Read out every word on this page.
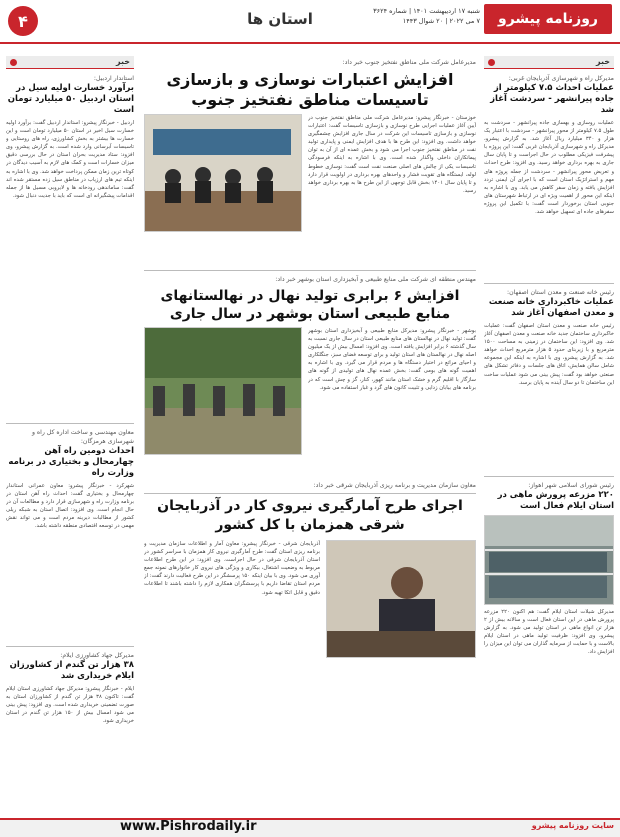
روزنامه پیشرو
شنبه ۱۷ اردیبهشت ۱۴۰۱ | شماره ۳۶۲۴
۷ می ۲۰۲۲ | ۲۰ شوال ۱۴۴۳
استان ها
۴
خبر
خبر
مدیرکل راه و شهرسازی آذربایجان غربی:
عملیات احداث ۷.۵ کیلومتر از جاده پیرانشهر - سردشت آغاز شد
عملیات روسازی و بهسازی جاده پیرانشهر - سردشت به طول ۷.۵ کیلومتر از محور پیرانشهر - سردشت با اعتبار یک هزار و ۳۴۰ میلیارد ریال آغاز شد. به گزارش پیشرو، مدیرکل راه و شهرسازی آذربایجان غربی گفت: این پروژه با پیشرفت فیزیکی مطلوب در حال اجراست و تا پایان سال جاری به بهره برداری خواهد رسید. وی افزود: طرح احداث و تعریض محور پیرانشهر - سردشت از جمله پروژه های مهم و استراتژیک استان است که با اجرای آن ایمنی تردد افزایش یافته و زمان سفر کاهش می یابد. وی با اشاره به اینکه این محور از اهمیت ویژه ای در ارتباط شهرستان های جنوبی استان برخوردار است گفت: با تکمیل این پروژه سفرهای جاده ای تسهیل خواهد شد.
رئیس خانه صنعت و معدن استان اصفهان:
عملیات خاکبرداری خانه صنعت و معدن اصفهان آغاز شد
رئیس خانه صنعت و معدن استان اصفهان گفت: عملیات خاکبرداری ساختمان جدید خانه صنعت و معدن اصفهان آغاز شد. وی افزود: این ساختمان در زمینی به مساحت ۱۵۰۰ مترمربع و با زیربنای حدود ۵ هزار مترمربع احداث خواهد شد. به گزارش پیشرو، وی با اشاره به اینکه این مجموعه شامل سالن همایش، اتاق های جلسات و دفاتر تشکل های صنعتی خواهد بود گفت: پیش بینی می شود عملیات ساخت این ساختمان تا دو سال آینده به پایان برسد.
رئیس شورای اسلامی شهر اهواز:
۲۲۰ مزرعه پرورش ماهی در استان ایلام فعال است
مدیرکل شیلات استان ایلام گفت: هم اکنون ۲۲۰ مزرعه پرورش ماهی در این استان فعال است و سالانه بیش از ۲ هزار تن انواع ماهی در استان تولید می شود. به گزارش پیشرو، وی افزود: ظرفیت تولید ماهی در استان ایلام بالاست و با حمایت از سرمایه گذاران می توان این میزان را افزایش داد.
مدیرعامل شرکت ملی مناطق نفتخیز جنوب خبر داد:
افزایش اعتبارات نوسازی و بازسازی تاسیسات مناطق نفتخیز جنوب
خوزستان - خبرنگار پیشرو: مدیرعامل شرکت ملی مناطق نفتخیز جنوب در آیین آغاز عملیات اجرایی طرح نوسازی و بازسازی تاسیسات گفت: اعتبارات نوسازی و بازسازی تاسیسات این شرکت در سال جاری افزایش چشمگیری خواهد داشت. وی افزود: این طرح ها با هدف افزایش ایمنی و پایداری تولید نفت در مناطق نفتخیز جنوب اجرا می شود و بخش عمده ای از آن به توان پیمانکاران داخلی واگذار شده است. وی با اشاره به اینکه فرسودگی تاسیسات یکی از چالش های اصلی صنعت نفت است گفت: نوسازی خطوط لوله، ایستگاه های تقویت فشار و واحدهای بهره برداری در اولویت قرار دارد و تا پایان سال ۱۴۰۱ بخش قابل توجهی از این طرح ها به بهره برداری خواهد رسید.
مهندس منطقه ای شرکت ملی منابع طبیعی و آبخیزداری استان بوشهر خبر داد:
افزایش ۶ برابری تولید نهال در نهالستانهای منابع طبیعی استان بوشهر در سال جاری
بوشهر - خبرنگار پیشرو: مدیرکل منابع طبیعی و آبخیزداری استان بوشهر گفت: تولید نهال در نهالستان های منابع طبیعی استان در سال جاری نسبت به سال گذشته ۶ برابر افزایش یافته است. وی افزود: امسال بیش از یک میلیون اصله نهال در نهالستان های استان تولید و برای توسعه فضای سبز، جنگلکاری و احیای مراتع در اختیار دستگاه ها و مردم قرار می گیرد. وی با اشاره به اهمیت گونه های بومی گفت: بخش عمده نهال های تولیدی از گونه های سازگار با اقلیم گرم و خشک استان مانند کهور، کنار، گز و چش است که در برنامه های بیابان زدایی و تثبیت کانون های گرد و غبار استفاده می شود.
معاون سازمان مدیریت و برنامه ریزی آذربایجان شرقی خبر داد:
اجرای طرح آمارگیری نیروی کار در آذربایجان شرقی همزمان با کل کشور
آذربایجان شرقی - خبرنگار پیشرو: معاون آمار و اطلاعات سازمان مدیریت و برنامه ریزی استان گفت: طرح آمارگیری نیروی کار همزمان با سراسر کشور در استان آذربایجان شرقی در حال اجراست. وی افزود: در این طرح اطلاعات مربوط به وضعیت اشتغال، بیکاری و ویژگی های نیروی کار خانوارهای نمونه جمع آوری می شود. وی با بیان اینکه ۱۵۰ پرسشگر در این طرح فعالیت دارند گفت: از مردم استان تقاضا داریم با پرسشگران همکاری لازم را داشته باشند تا اطلاعات دقیق و قابل اتکا تهیه شود.
استاندار اردبیل:
برآورد خسارت اولیه سیل در استان اردبیل ۵۰ میلیارد تومان است
اردبیل - خبرنگار پیشرو: استاندار اردبیل گفت: برآورد اولیه خسارت سیل اخیر در استان ۵۰ میلیارد تومان است و این خسارت ها بیشتر به بخش کشاورزی، راه های روستایی و تاسیسات آبرسانی وارد شده است. به گزارش پیشرو، وی افزود: ستاد مدیریت بحران استان در حال بررسی دقیق میزان خسارات است و کمک های لازم به آسیب دیدگان در کوتاه ترین زمان ممکن پرداخت خواهد شد. وی با اشاره به اینکه تیم های ارزیاب در مناطق سیل زده مستقر شده اند گفت: ساماندهی رودخانه ها و لایروبی مسیل ها از جمله اقدامات پیشگیرانه ای است که باید با جدیت دنبال شود.
معاون مهندسی و ساخت اداره کل راه و شهرسازی هرمزگان:
احداث دومین راه آهن چهارمحال و بختیاری در برنامه وزارت راه
شهرکرد - خبرنگار پیشرو: معاون عمرانی استاندار چهارمحال و بختیاری گفت: احداث راه آهن استان در برنامه وزارت راه و شهرسازی قرار دارد و مطالعات آن در حال انجام است. وی افزود: اتصال استان به شبکه ریلی کشور از مطالبات دیرینه مردم است و می تواند نقش مهمی در توسعه اقتصادی منطقه داشته باشد.
مدیرکل جهاد کشاورزی ایلام:
۳۸ هزار تن گندم از کشاورزان ایلام خریداری شد
ایلام - خبرنگار پیشرو: مدیرکل جهاد کشاورزی استان ایلام گفت: تاکنون ۳۸ هزار تن گندم از کشاورزان استان به صورت تضمینی خریداری شده است. وی افزود: پیش بینی می شود امسال بیش از ۱۵۰ هزار تن گندم در استان خریداری شود.
www.Pishrodaily.ir	سایت روزنامه پیشرو
